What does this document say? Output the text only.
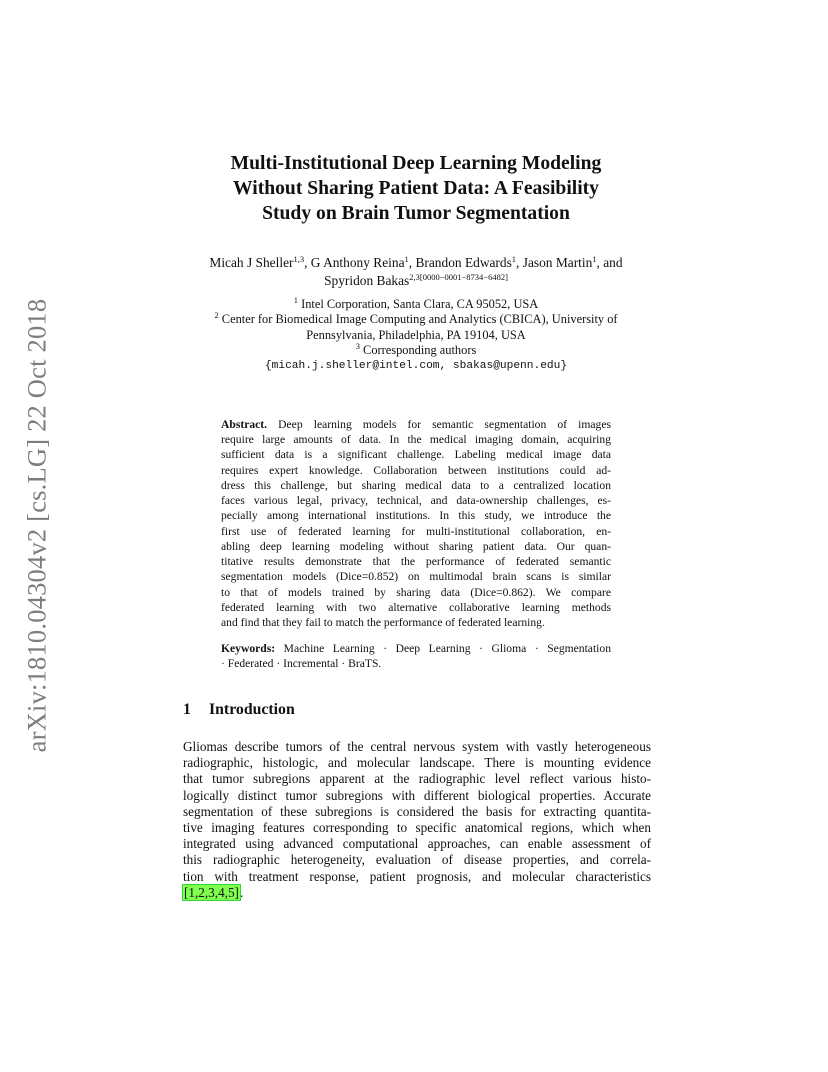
arXiv:1810.04304v2 [cs.LG] 22 Oct 2018
Multi-Institutional Deep Learning Modeling
Without Sharing Patient Data: A Feasibility
Study on Brain Tumor Segmentation
Micah J Sheller$^{1,3}$, G Anthony Reina$^1$, Brandon Edwards$^1$, Jason Martin$^1$, and
Spyridon Bakas$^{2,3[0000-0001-8734-6482]}$
$^1$ Intel Corporation, Santa Clara, CA 95052, USA
$^2$ Center for Biomedical Image Computing and Analytics (CBICA), University of
Pennsylvania, Philadelphia, PA 19104, USA
$^3$ Corresponding authors
{micah.j.sheller@intel.com, sbakas@upenn.edu}
Abstract. Deep learning models for semantic segmentation of images
require large amounts of data. In the medical imaging domain, acquiring
sufficient data is a significant challenge. Labeling medical image data
requires expert knowledge. Collaboration between institutions could ad-
dress this challenge, but sharing medical data to a centralized location
faces various legal, privacy, technical, and data-ownership challenges, es-
pecially among international institutions. In this study, we introduce the
first use of federated learning for multi-institutional collaboration, en-
abling deep learning modeling without sharing patient data. Our quan-
titative results demonstrate that the performance of federated semantic
segmentation models (Dice=0.852) on multimodal brain scans is similar
to that of models trained by sharing data (Dice=0.862). We compare
federated learning with two alternative collaborative learning methods
and find that they fail to match the performance of federated learning.
Keywords: Machine Learning · Deep Learning · Glioma · Segmentation
· Federated · Incremental · BraTS.
1 Introduction
Gliomas describe tumors of the central nervous system with vastly heterogeneous
radiographic, histologic, and molecular landscape. There is mounting evidence
that tumor subregions apparent at the radiographic level reflect various histo-
logically distinct tumor subregions with different biological properties. Accurate
segmentation of these subregions is considered the basis for extracting quantita-
tive imaging features corresponding to specific anatomical regions, which when
integrated using advanced computational approaches, can enable assessment of
this radiographic heterogeneity, evaluation of disease properties, and correla-
tion with treatment response, patient prognosis, and molecular characteristics
[1,2,3,4,5].
